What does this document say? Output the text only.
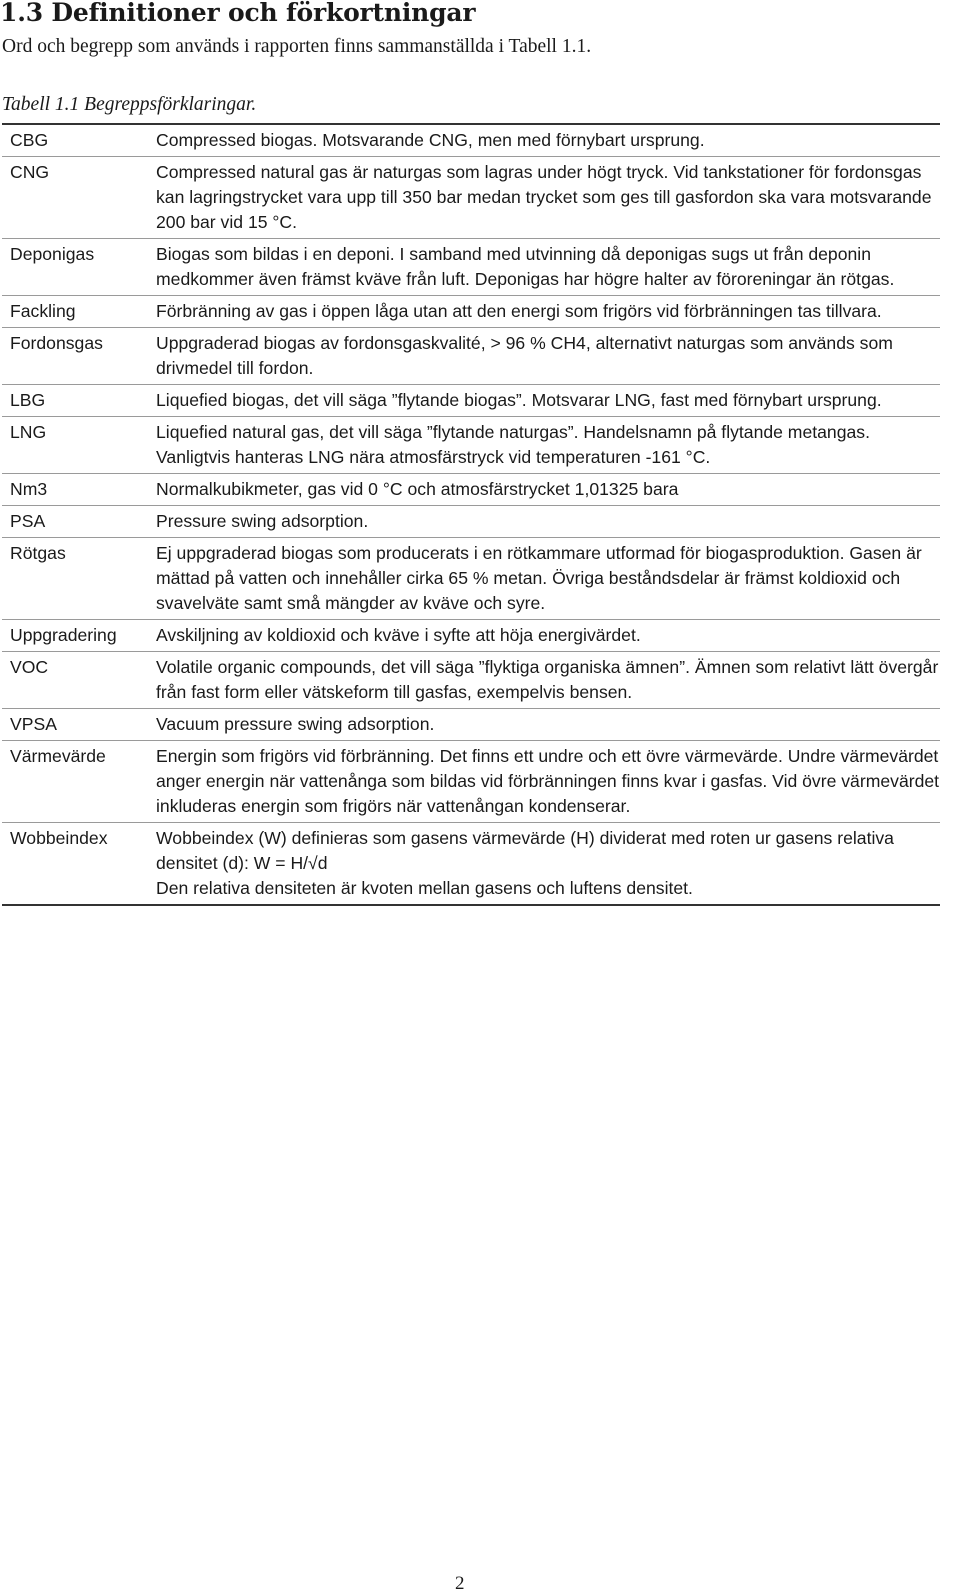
1.3 Definitioner och förkortningar

Ord och begrepp som används i rapporten finns sammanställda i Tabell 1.1.

Tabell 1.1 Begreppsförklaringar.

CBG	Compressed biogas. Motsvarande CNG, men med förnybart ursprung.
CNG	Compressed natural gas är naturgas som lagras under högt tryck. Vid tankstationer för fordonsgas kan lagringstrycket vara upp till 350 bar medan trycket som ges till gasfordon ska vara motsvarande 200 bar vid 15 °C.
Deponigas	Biogas som bildas i en deponi. I samband med utvinning då deponigas sugs ut från deponin medkommer även främst kväve från luft. Deponigas har högre halter av föroreningar än rötgas.
Fackling	Förbränning av gas i öppen låga utan att den energi som frigörs vid förbränningen tas tillvara.
Fordonsgas	Uppgraderad biogas av fordonsgaskvalité, > 96 % CH4, alternativt naturgas som används som drivmedel till fordon.
LBG	Liquefied biogas, det vill säga ”flytande biogas”. Motsvarar LNG, fast med förnybart ursprung.
LNG	Liquefied natural gas, det vill säga ”flytande naturgas”. Handelsnamn på flytande metangas. Vanligtvis hanteras LNG nära atmosfärstryck vid temperaturen -161 °C.
Nm3	Normalkubikmeter, gas vid 0 °C och atmosfärstrycket 1,01325 bara
PSA	Pressure swing adsorption.
Rötgas	Ej uppgraderad biogas som producerats i en rötkammare utformad för biogasproduktion. Gasen är mättad på vatten och innehåller cirka 65 % metan. Övriga beståndsdelar är främst koldioxid och svavelväte samt små mängder av kväve och syre.
Uppgradering	Avskiljning av koldioxid och kväve i syfte att höja energivärdet.
VOC	Volatile organic compounds, det vill säga ”flyktiga organiska ämnen”. Ämnen som relativt lätt övergår från fast form eller vätskeform till gasfas, exempelvis bensen.
VPSA	Vacuum pressure swing adsorption.
Värmevärde	Energin som frigörs vid förbränning. Det finns ett undre och ett övre värmevärde. Undre värmevärdet anger energin när vattenånga som bildas vid förbränningen finns kvar i gasfas. Vid övre värmevärdet inkluderas energin som frigörs när vattenångan kondenserar.
Wobbeindex	Wobbeindex (W) definieras som gasens värmevärde (H) dividerat med roten ur gasens relativa densitet (d): W = H/√d
Den relativa densiteten är kvoten mellan gasens och luftens densitet.

2
